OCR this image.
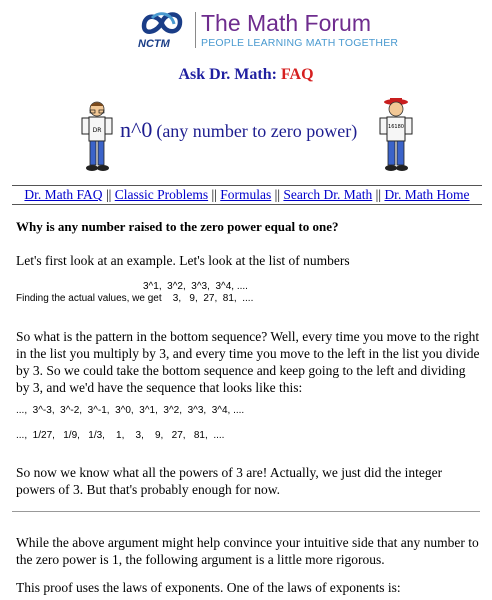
NCTM
The Math Forum
PEOPLE LEARNING MATH TOGETHER
Ask Dr. Math: FAQ
DR n^0 (any number to zero power)	16180
Dr. Math FAQ || Classic Problems || Formulas || Search Dr. Math || Dr. Math Home
Why is any number raised to the zero power equal to one?
Let's first look at an example. Let's look at the list of numbers
3^1,  3^2,  3^3,  3^4, ....
Finding the actual values, we get    3,   9,  27,  81,  ....
So what is the pattern in the bottom sequence? Well, every time you move to the right in the list you multiply by 3, and every time you move to the left in the list you divide by 3. So we could take the bottom sequence and keep going to the left and dividing by 3, and we'd have the sequence that looks like this:
...,  3^-3,  3^-2,  3^-1,  3^0,  3^1,  3^2,  3^3,  3^4, ....
...,  1/27,   1/9,   1/3,    1,    3,    9,   27,   81,  ....
So now we know what all the powers of 3 are! Actually, we just did the integer powers of 3. But that's probably enough for now.
While the above argument might help convince your intuitive side that any number to the zero power is 1, the following argument is a little more rigorous.
This proof uses the laws of exponents. One of the laws of exponents is:
